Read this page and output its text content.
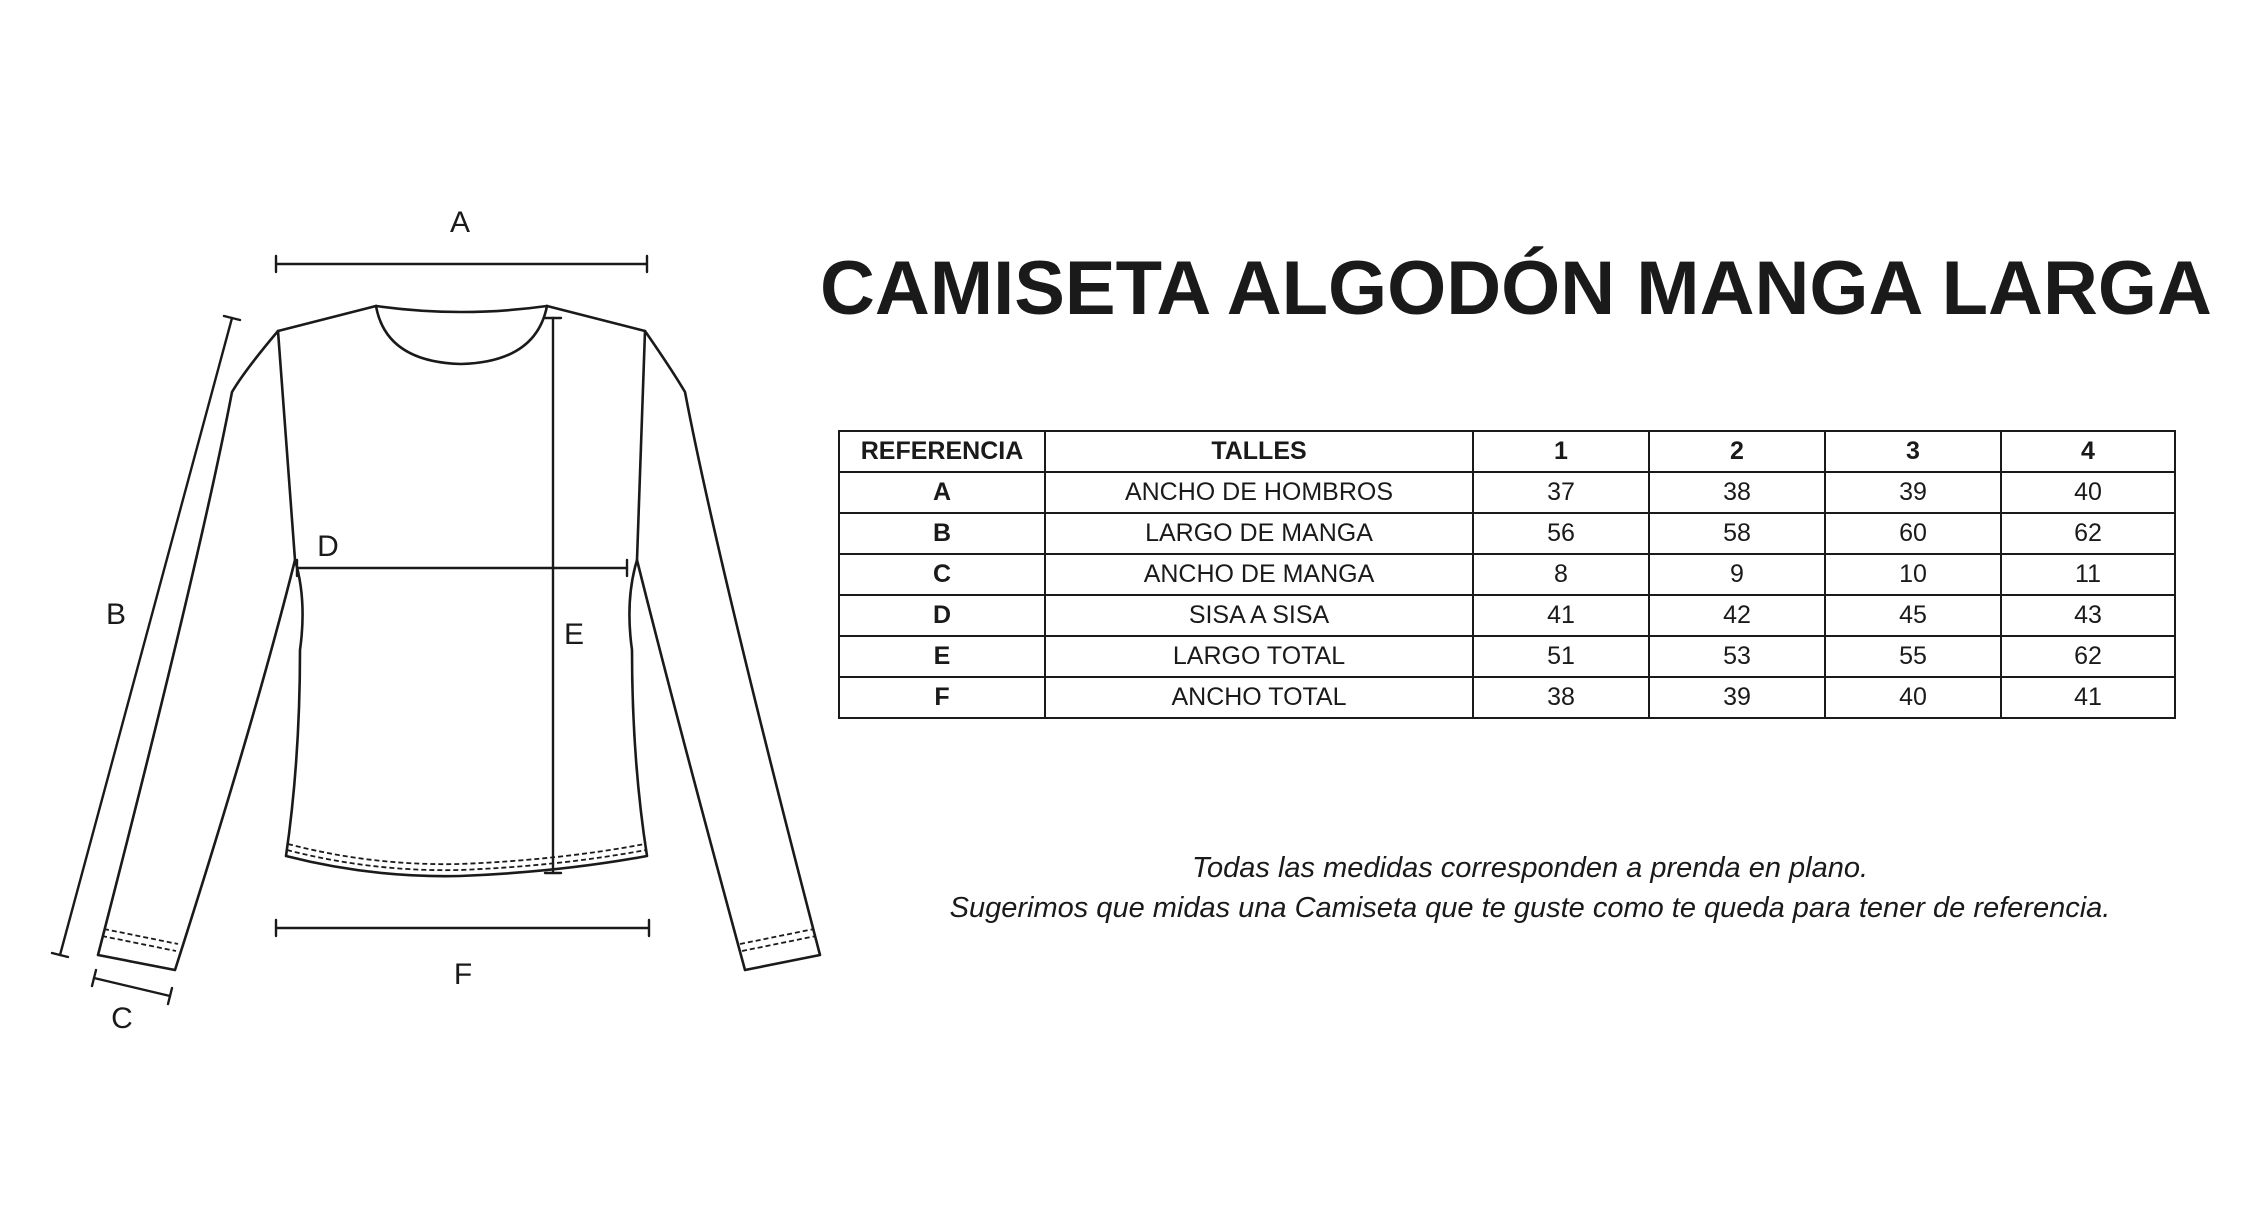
A
B
C
D
E
F
CAMISETA ALGODÓN MANGA LARGA
REFERENCIA	TALLES	1	2	3	4
A	ANCHO DE HOMBROS	37	38	39	40
B	LARGO DE MANGA	56	58	60	62
C	ANCHO DE MANGA	8	9	10	11
D	SISA A SISA	41	42	45	43
E	LARGO TOTAL	51	53	55	62
F	ANCHO TOTAL	38	39	40	41
Todas las medidas corresponden a prenda en plano.
Sugerimos que midas una Camiseta que te guste como te queda para tener de referencia.
